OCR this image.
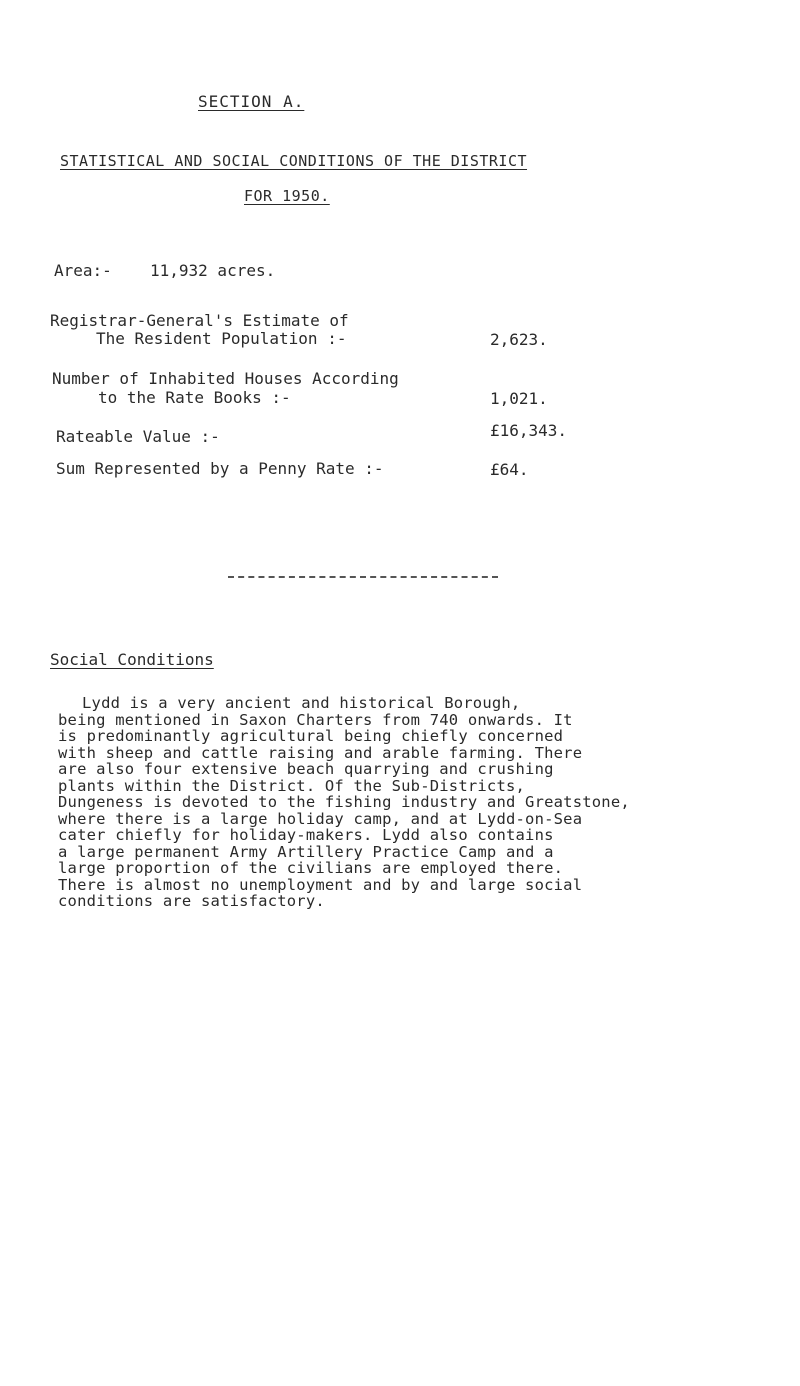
SECTION A.
STATISTICAL AND SOCIAL CONDITIONS OF THE DISTRICT
FOR 1950.
Area:- 11,932 acres.
Registrar-General's Estimate of
The Resident Population :-	2,623.
Number of Inhabited Houses According
to the Rate Books :-	1,021.
Rateable Value :-	£16,343.
Sum Represented by a Penny Rate :-	£64.
Social Conditions
Lydd is a very ancient and historical Borough,
being mentioned in Saxon Charters from 740 onwards. It
is predominantly agricultural being chiefly concerned
with sheep and cattle raising and arable farming. There
are also four extensive beach quarrying and crushing
plants within the District. Of the Sub-Districts,
Dungeness is devoted to the fishing industry and Greatstone,
where there is a large holiday camp, and at Lydd-on-Sea
cater chiefly for holiday-makers. Lydd also contains
a large permanent Army Artillery Practice Camp and a
large proportion of the civilians are employed there.
There is almost no unemployment and by and large social
conditions are satisfactory.
